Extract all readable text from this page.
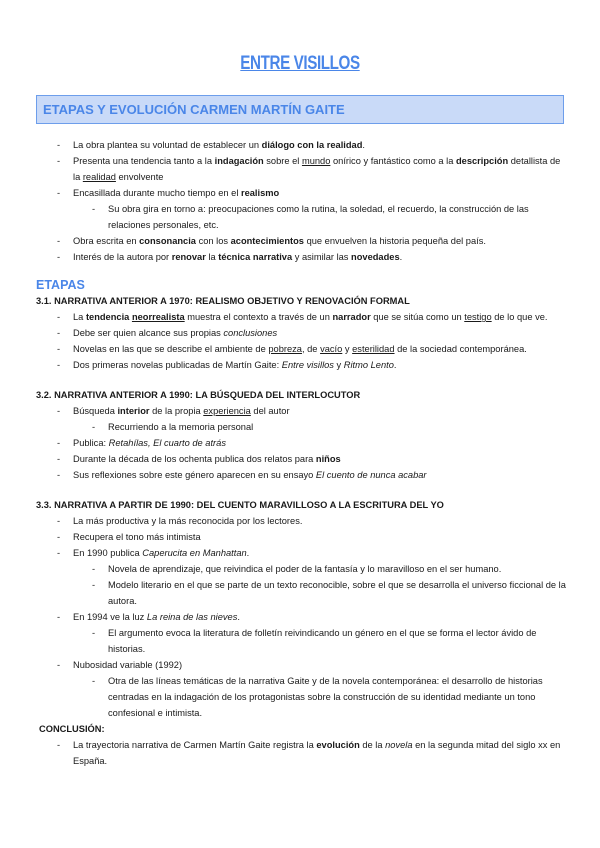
ENTRE VISILLOS
ETAPAS Y EVOLUCIÓN CARMEN MARTÍN GAITE
- La obra plantea su voluntad de establecer un diálogo con la realidad.
- Presenta una tendencia tanto a la indagación sobre el mundo onírico y fantástico como a la descripción detallista de la realidad envolvente
- Encasillada durante mucho tiempo en el realismo
- Su obra gira en torno a: preocupaciones como la rutina, la soledad, el recuerdo, la construcción de las relaciones personales, etc.
- Obra escrita en consonancia con los acontecimientos que envuelven la historia pequeña del país.
- Interés de la autora por renovar la técnica narrativa y asimilar las novedades.
ETAPAS
3.1. NARRATIVA ANTERIOR A 1970: REALISMO OBJETIVO Y RENOVACIÓN FORMAL
- La tendencia neorrealista muestra el contexto a través de un narrador que se sitúa como un testigo de lo que ve.
- Debe ser quien alcance sus propias conclusiones
- Novelas en las que se describe el ambiente de pobreza, de vacío y esterilidad de la sociedad contemporánea.
- Dos primeras novelas publicadas de Martín Gaite: Entre visillos y Ritmo Lento.
3.2. NARRATIVA ANTERIOR A 1990: LA BÚSQUEDA DEL INTERLOCUTOR
- Búsqueda interior de la propia experiencia del autor
- Recurriendo a la memoria personal
- Publica: Retahílas, El cuarto de atrás
- Durante la década de los ochenta publica dos relatos para niños
- Sus reflexiones sobre este género aparecen en su ensayo El cuento de nunca acabar
3.3. NARRATIVA A PARTIR DE 1990: DEL CUENTO MARAVILLOSO A LA ESCRITURA DEL YO
- La más productiva y la más reconocida por los lectores.
- Recupera el tono más intimista
- En 1990 publica Caperucita en Manhattan.
- Novela de aprendizaje, que reivindica el poder de la fantasía y lo maravilloso en el ser humano.
- Modelo literario en el que se parte de un texto reconocible, sobre el que se desarrolla el universo ficcional de la autora.
- En 1994 ve la luz La reina de las nieves.
- El argumento evoca la literatura de folletín reivindicando un género en el que se forma el lector ávido de historias.
- Nubosidad variable (1992)
- Otra de las líneas temáticas de la narrativa Gaite y de la novela contemporánea: el desarrollo de historias centradas en la indagación de los protagonistas sobre la construcción de su identidad mediante un tono confesional e intimista.
CONCLUSIÓN:
- La trayectoria narrativa de Carmen Martín Gaite registra la evolución de la novela en la segunda mitad del siglo xx en España.
